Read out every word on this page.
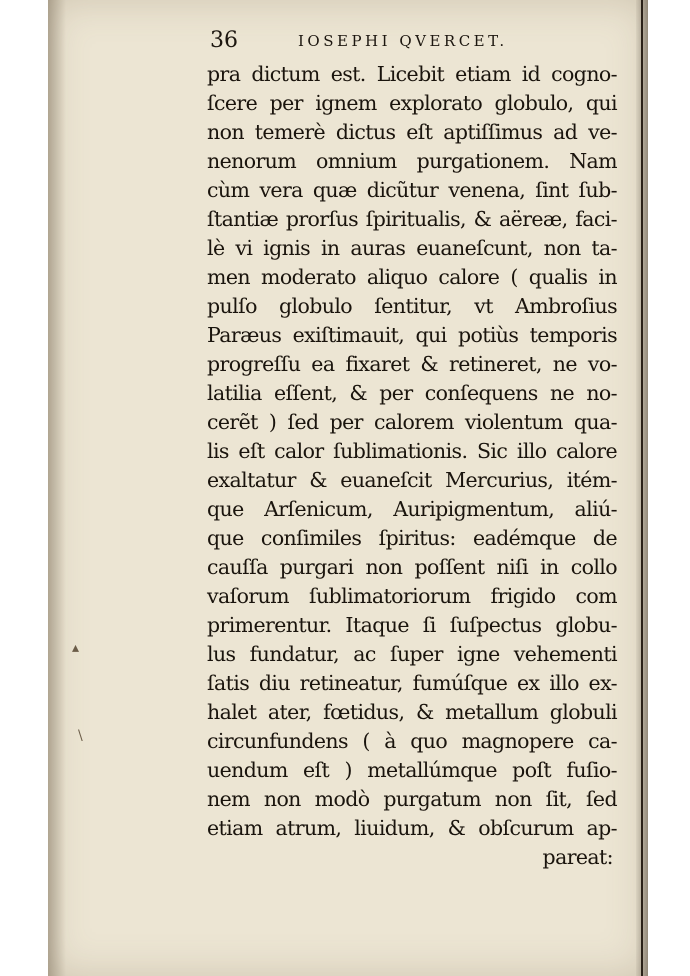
36	IOSEPHI QVERCET.
pra dictum est. Licebit etiam id cogno-
ſcere per ignem explorato globulo, qui
non temerè dictus eſt aptiſſimus ad ve-
nenorum omnium purgationem. Nam
cùm vera quæ dicũtur venena, ſint ſub-
ſtantiæ prorſus ſpiritualis, & aëreæ, faci-
lè vi ignis in auras euaneſcunt, non ta-
men moderato aliquo calore ( qualis in
pulſo globulo ſentitur, vt Ambroſius
Paræus exiſtimauit, qui potiùs temporis
progreſſu ea fixaret & retineret, ne vo-
latilia eſſent, & per conſequens ne no-
cerẽt ) ſed per calorem violentum qua-
lis eſt calor ſublimationis. Sic illo calore
exaltatur & euaneſcit Mercurius, itém-
que Arſenicum, Auripigmentum, aliú-
que conſimiles ſpiritus: eadémque de
cauſſa purgari non poſſent niſi in collo
vaſorum ſublimatoriorum frigido com
primerentur. Itaque ſi ſuſpectus globu-
lus fundatur, ac ſuper igne vehementi
ſatis diu retineatur, fumúſque ex illo ex-
halet ater, fœtidus, & metallum globuli
circunfundens ( à quo magnopere ca-
uendum eſt ) metallúmque poſt fuſio-
nem non modò purgatum non ſit, ſed
etiam atrum, liuidum, & obſcurum ap-
pareat:
▴
\
